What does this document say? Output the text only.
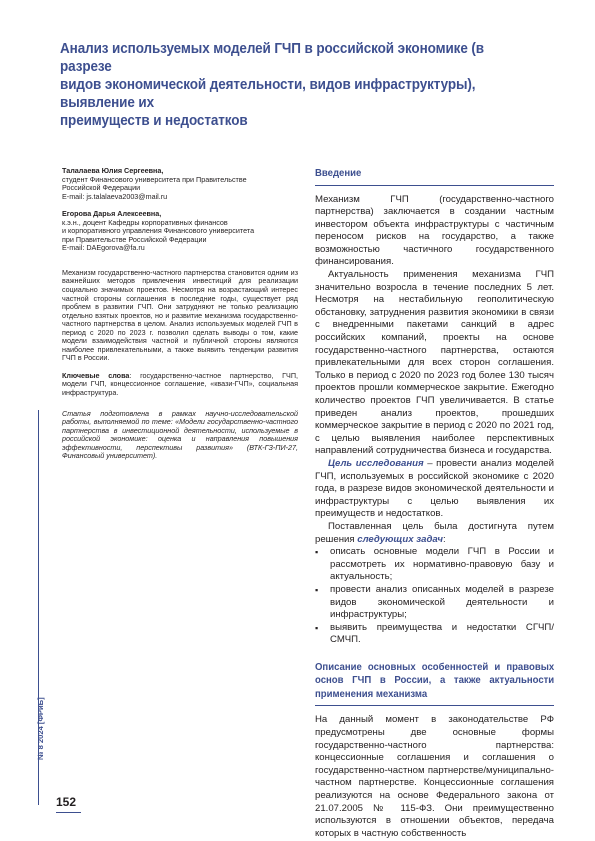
Анализ используемых моделей ГЧП в российской экономике (в разрезе
видов экономической деятельности, видов инфраструктуры), выявление их
преимуществ и недостатков
Талалаева Юлия Сергеевна,
студент Финансового университета при Правительстве
Российской Федерации
E-mail: js.talalaeva2003@mail.ru
Егорова Дарья Алексеевна,
к.э.н., доцент Кафедры корпоративных финансов
и корпоративного управления Финансового университета
при Правительстве Российской Федерации
E-mail: DAEgorova@fa.ru
Механизм государственно-частного партнерства становится одним из важнейших методов привлечения инвестиций для реализации социально значимых проектов. Несмотря на возрастающий интерес частной стороны соглашения в последние годы, существует ряд проблем в развитии ГЧП. Они затрудняют не только реализацию отдельно взятых проектов, но и развитие механизма государственно-частного партнерства в целом. Анализ используемых моделей ГЧП в период с 2020 по 2023 г. позволил сделать выводы о том, какие модели взаимодействия частной и публичной стороны являются наиболее привлекательными, а также выявить тенденции развития ГЧП в России.
Ключевые слова: государственно-частное партнерство, ГЧП, модели ГЧП, концессионное соглашение, «квази-ГЧП», социальная инфраструктура.
Статья подготовлена в рамках научно-исследовательской работы, выполняемой по теме: «Модели государственно-частного партнерства в инвестиционной деятельности, используемые в российской экономике: оценка и направления повышения эффективности, перспективы развития» (ВТК-ГЗ-ПИ-27, Финансовый университет).
Введение

Механизм ГЧП (государственно-частного партнерства) заключается в создании частным инвестором объекта инфраструктуры с частичным переносом рисков на государство, а также возможностью частичного государственного финансирования.

Актуальность применения механизма ГЧП значительно возросла в течение последних 5 лет. Несмотря на нестабильную геополитическую обстановку, затруднения развития экономики в связи с внедренными пакетами санкций в адрес российских компаний, проекты на основе государственно-частного партнерства, остаются привлекательными для всех сторон соглашения. Только в период с 2020 по 2023 год более 130 тысяч проектов прошли коммерческое закрытие. Ежегодно количество проектов ГЧП увеличивается. В статье приведен анализ проектов, прошедших коммерческое закрытие в период с 2020 по 2021 год, с целью выявления наиболее перспективных направлений сотрудничества бизнеса и государства.

Цель исследования – провести анализ моделей ГЧП, используемых в российской экономике с 2020 года, в разрезе видов экономической деятельности и инфраструктуры с целью выявления их преимуществ и недостатков.

Поставленная цель была достигнута путем решения следующих задач:

▪ описать основные модели ГЧП в России и рассмотреть их нормативно-правовую базу и актуальность;
▪ провести анализ описанных моделей в разрезе видов экономической деятельности и инфраструктуры;
▪ выявить преимущества и недостатки СГЧП/СМЧП.
Описание основных особенностей и правовых основ ГЧП в России, а также актуальности применения механизма

На данный момент в законодательстве РФ предусмотрены две основные формы государственно-частного партнерства: концессионные соглашения и соглашения о государственно-частном партнерстве/муниципально-частном партнерстве. Концессионные соглашения реализуются на основе Федерального закона от 21.07.2005 № 115-ФЗ. Они преимущественно используются в отношении объектов, передача которых в частную собственность

№ 8 2024 [ФРиБ]
152
